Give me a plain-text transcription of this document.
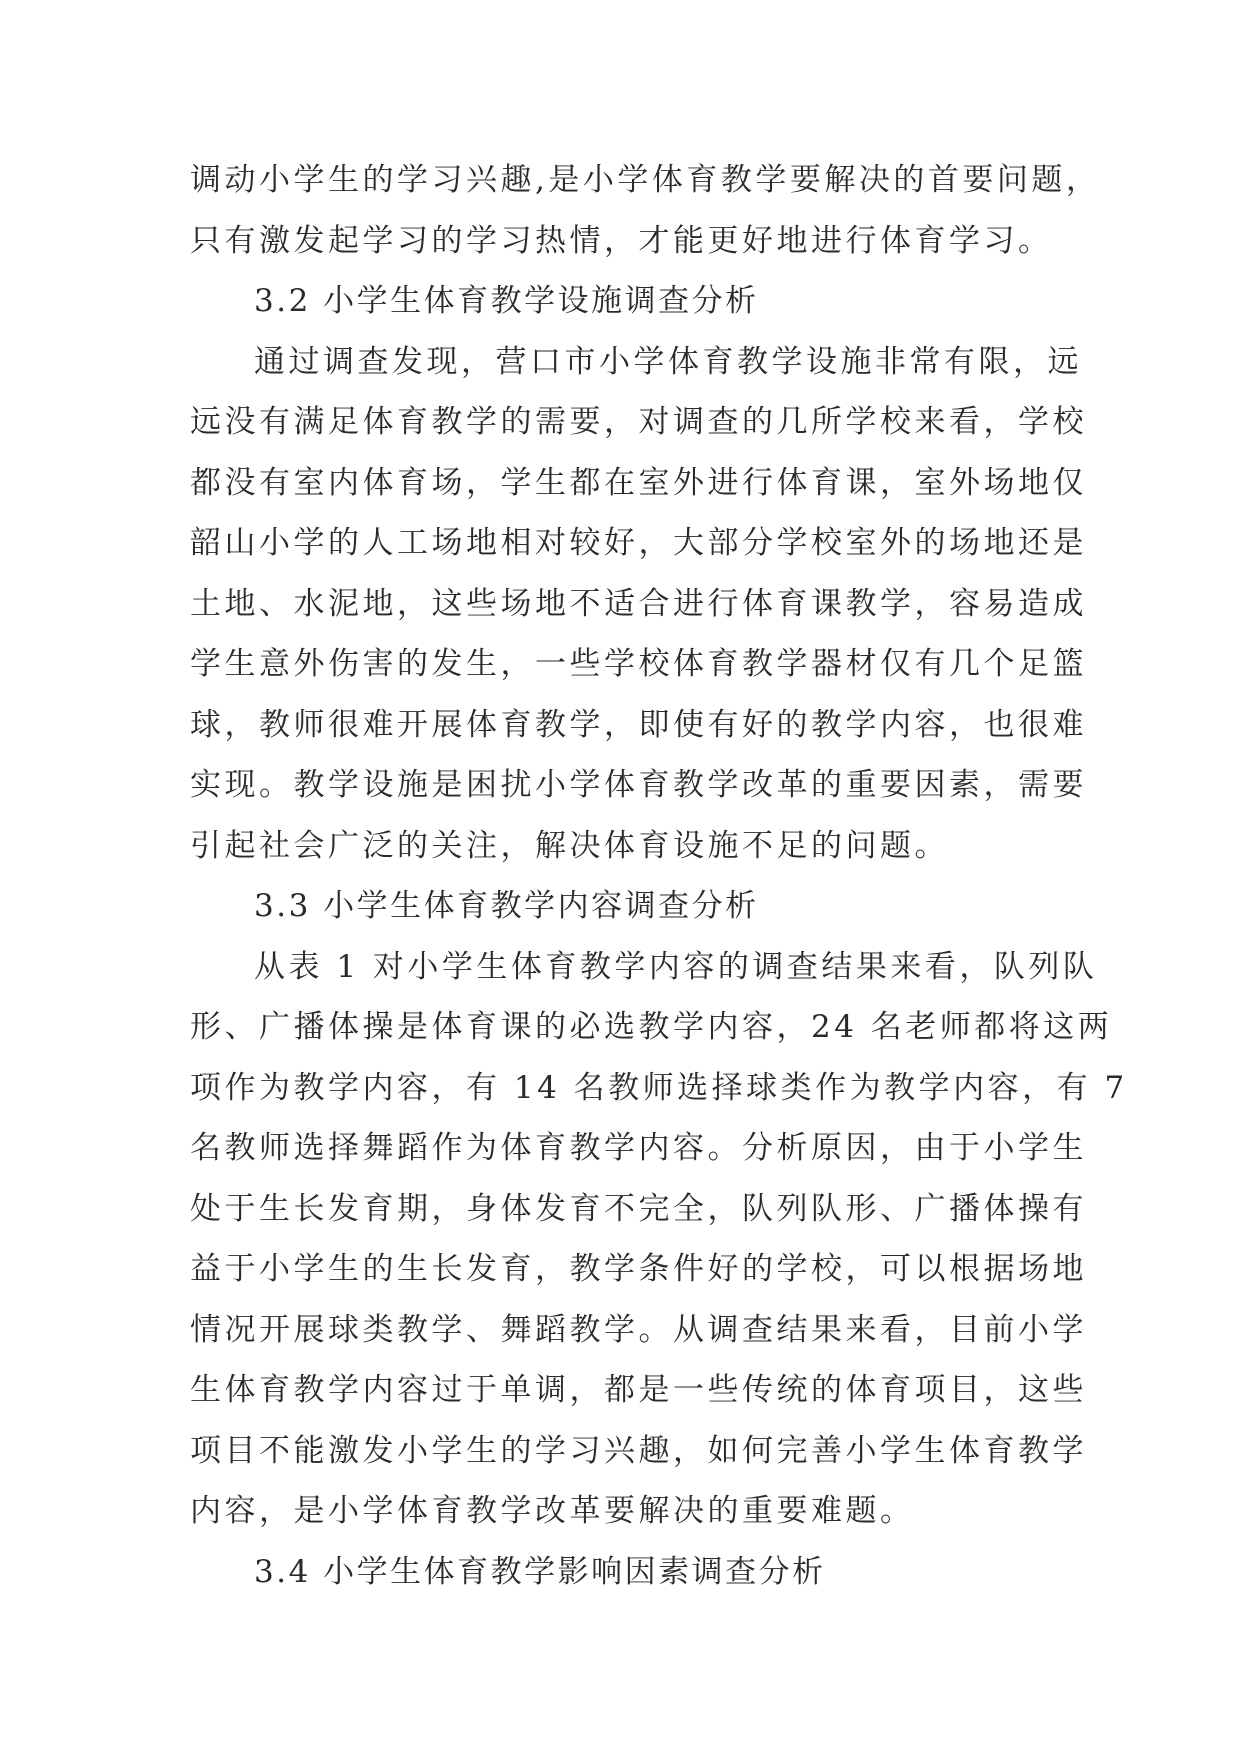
调动小学生的学习兴趣,是小学体育教学要解决的首要问题，
只有激发起学习的学习热情，才能更好地进行体育学习。
3.2 小学生体育教学设施调查分析
通过调查发现，营口市小学体育教学设施非常有限，远
远没有满足体育教学的需要，对调查的几所学校来看，学校
都没有室内体育场，学生都在室外进行体育课，室外场地仅
韶山小学的人工场地相对较好，大部分学校室外的场地还是
土地、水泥地，这些场地不适合进行体育课教学，容易造成
学生意外伤害的发生，一些学校体育教学器材仅有几个足篮
球，教师很难开展体育教学，即使有好的教学内容，也很难
实现。教学设施是困扰小学体育教学改革的重要因素，需要
引起社会广泛的关注，解决体育设施不足的问题。
3.3 小学生体育教学内容调查分析
从表 1 对小学生体育教学内容的调查结果来看，队列队
形、广播体操是体育课的必选教学内容，24 名老师都将这两
项作为教学内容，有 14 名教师选择球类作为教学内容，有 7
名教师选择舞蹈作为体育教学内容。分析原因，由于小学生
处于生长发育期，身体发育不完全，队列队形、广播体操有
益于小学生的生长发育，教学条件好的学校，可以根据场地
情况开展球类教学、舞蹈教学。从调查结果来看，目前小学
生体育教学内容过于单调，都是一些传统的体育项目，这些
项目不能激发小学生的学习兴趣，如何完善小学生体育教学
内容，是小学体育教学改革要解决的重要难题。
3.4 小学生体育教学影响因素调查分析
